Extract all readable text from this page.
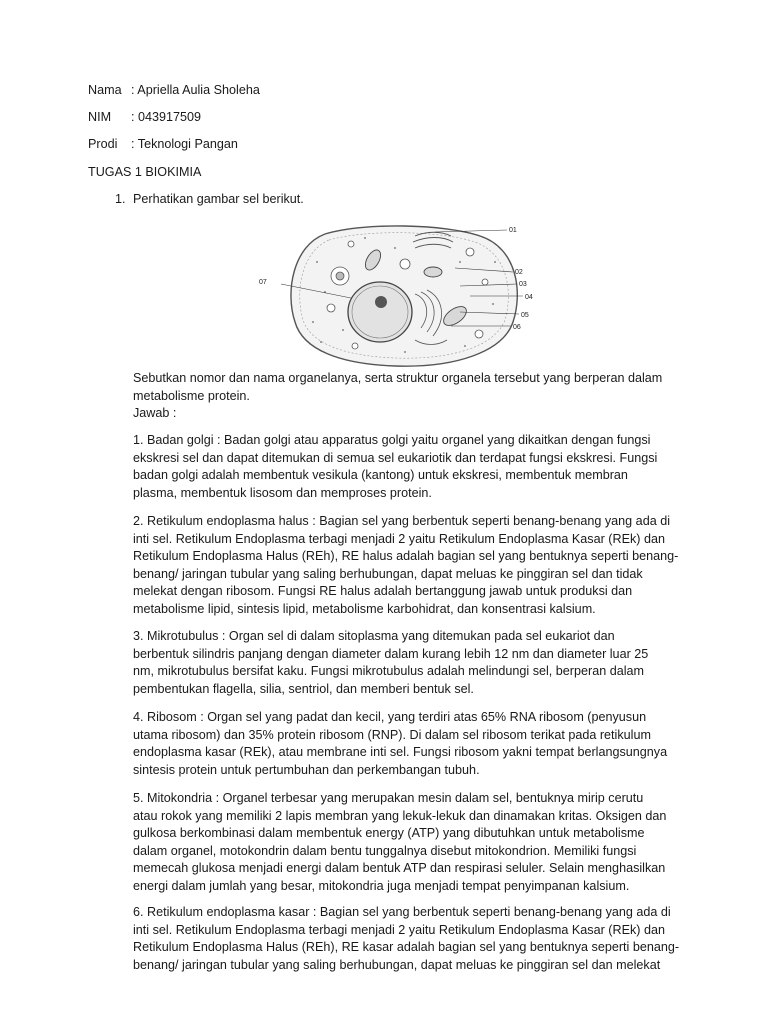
Nama : Apriella Aulia Sholeha
NIM : 043917509
Prodi : Teknologi Pangan
TUGAS 1 BIOKIMIA
1. Perhatikan gambar sel berikut.
01
02
03
04
05
06
07

Sebutkan nomor dan nama organelanya, serta struktur organela tersebut yang berperan dalam

metabolisme protein.

Jawab :

1. Badan golgi : Badan golgi atau apparatus golgi yaitu organel yang dikaitkan dengan fungsi

ekskresi sel dan dapat ditemukan di semua sel eukariotik dan terdapat fungsi ekskresi. Fungsi

badan golgi adalah membentuk vesikula (kantong) untuk ekskresi, membentuk membran

plasma, membentuk lisosom dan memproses protein.

2. Retikulum endoplasma halus : Bagian sel yang berbentuk seperti benang-benang yang ada di

inti sel. Retikulum Endoplasma terbagi menjadi 2 yaitu Retikulum Endoplasma Kasar (REk) dan

Retikulum Endoplasma Halus (REh), RE halus adalah bagian sel yang bentuknya seperti benang-

benang/ jaringan tubular yang saling berhubungan, dapat meluas ke pinggiran sel dan tidak

melekat dengan ribosom. Fungsi RE halus adalah bertanggung jawab untuk produksi dan

metabolisme lipid, sintesis lipid, metabolisme karbohidrat, dan konsentrasi kalsium.

3. Mikrotubulus : Organ sel di dalam sitoplasma yang ditemukan pada sel eukariot dan

berbentuk silindris panjang dengan diameter dalam kurang lebih 12 nm dan diameter luar 25

nm, mikrotubulus bersifat kaku. Fungsi mikrotubulus adalah melindungi sel, berperan dalam

pembentukan flagella, silia, sentriol, dan memberi bentuk sel.

4. Ribosom : Organ sel yang padat dan kecil, yang terdiri atas 65% RNA ribosom (penyusun

utama ribosom) dan 35% protein ribosom (RNP). Di dalam sel ribosom terikat pada retikulum

endoplasma kasar (REk), atau membrane inti sel. Fungsi ribosom yakni tempat berlangsungnya

sintesis protein untuk pertumbuhan dan perkembangan tubuh.

5. Mitokondria : Organel terbesar yang merupakan mesin dalam sel, bentuknya mirip cerutu

atau rokok yang memiliki 2 lapis membran yang lekuk-lekuk dan dinamakan kritas. Oksigen dan

gulkosa berkombinasi dalam membentuk energy (ATP) yang dibutuhkan untuk metabolisme

dalam organel, motokondrin dalam bentu tunggalnya disebut mitokondrion. Memiliki fungsi

memecah glukosa menjadi energi dalam bentuk ATP dan respirasi seluler. Selain menghasilkan

energi dalam jumlah yang besar, mitokondria juga menjadi tempat penyimpanan kalsium.

6. Retikulum endoplasma kasar : Bagian sel yang berbentuk seperti benang-benang yang ada di

inti sel. Retikulum Endoplasma terbagi menjadi 2 yaitu Retikulum Endoplasma Kasar (REk) dan

Retikulum Endoplasma Halus (REh), RE kasar adalah bagian sel yang bentuknya seperti benang-

benang/ jaringan tubular yang saling berhubungan, dapat meluas ke pinggiran sel dan melekat
